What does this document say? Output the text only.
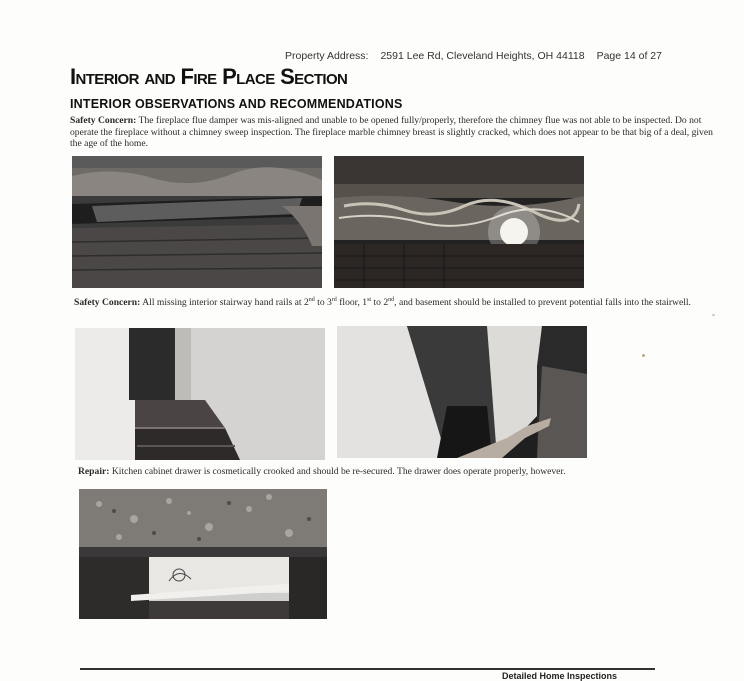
Property Address: 2591 Lee Rd, Cleveland Heights, OH 44118 Page 14 of 27
Interior and Fire Place Section
INTERIOR OBSERVATIONS AND RECOMMENDATIONS
Safety Concern: The fireplace flue damper was mis-aligned and unable to be opened fully/properly, therefore the chimney flue was not able to be inspected. Do not operate the fireplace without a chimney sweep inspection. The fireplace marble chimney breast is slightly cracked, which does not appear to be that big of a deal, given the age of the home.
Safety Concern: All missing interior stairway hand rails at 2nd to 3rd floor, 1st to 2nd, and basement should be installed to prevent potential falls into the stairwell.
Repair: Kitchen cabinet drawer is cosmetically crooked and should be re-secured. The drawer does operate properly, however.
Detailed Home Inspections
